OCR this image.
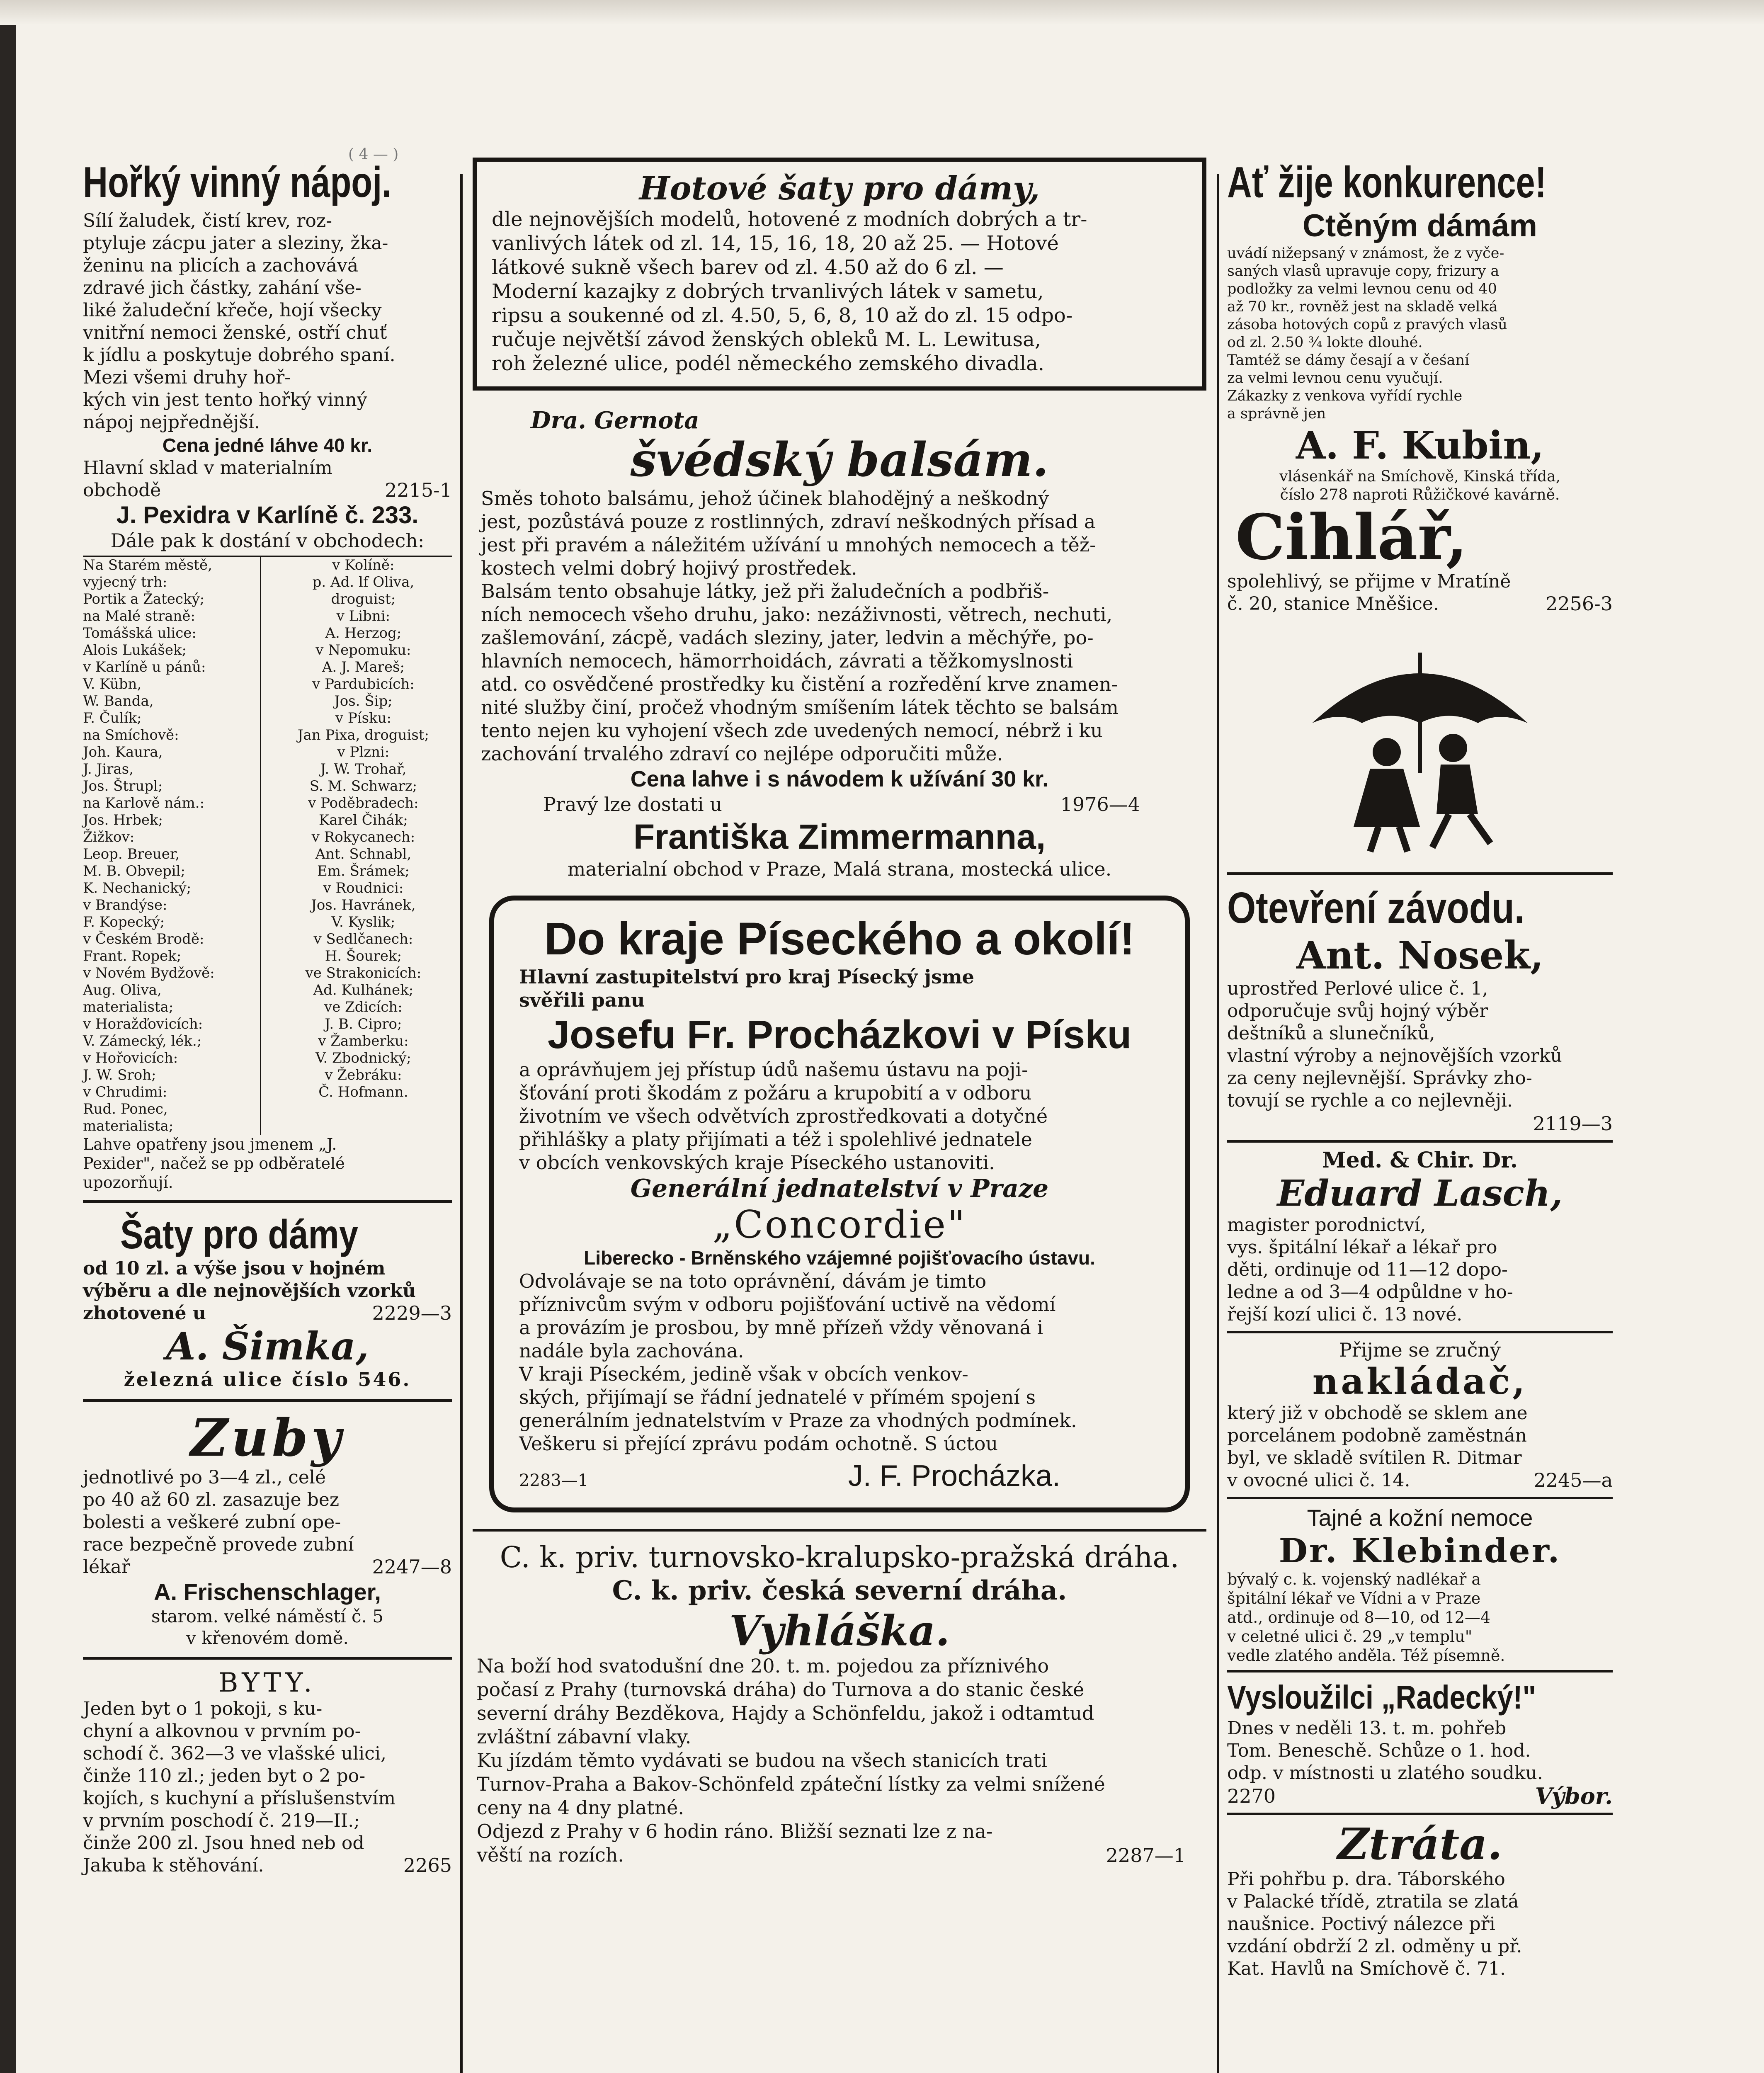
( 4 — )
Hořký vinný nápoj.
Sílí žaludek, čistí krev, roz-
ptyluje zácpu jater a sleziny, žka-
ženinu na plicích a zachovává
zdravé jich částky, zahání vše-
liké žaludeční křeče, hojí všecky
vnitřní nemoci ženské, ostří chuť
k jídlu a poskytuje dobrého spaní.
Mezi všemi druhy hoř-
kých vin jest tento hořký vinný
nápoj nejpřednější.
Cena jedné láhve 40 kr.
Hlavní sklad v materialním
obchodě	2215-1
J. Pexidra v Karlíně č. 233.
Dále pak k dostání v obchodech:
Na Starém městě,
vyjecný trh:
Portik a Žatecký;
na Malé straně:
Tomášská ulice:
Alois Lukášek;
v Karlíně u pánů:
V. Kübn,
W. Banda,
F. Čulík;
na Smíchově:
Joh. Kaura,
J. Jiras,
Jos. Štrupl;
na Karlově nám.:
Jos. Hrbek;
Žižkov:
Leop. Breuer,
M. B. Obvepil;
K. Nechanický;
v Brandýse:
F. Kopecký;
v Českém Brodě:
Frant. Ropek;
v Novém Bydžově:
Aug. Oliva,
materialista;
v Horažďovicích:
V. Zámecký, lék.;
v Hořovicích:
J. W. Sroh;
v Chrudimi:
Rud. Ponec,
materialista;
v Kolíně:
p. Ad. lf Oliva,
droguist;
v Libni:
A. Herzog;
v Nepomuku:
A. J. Mareš;
v Pardubicích:
Jos. Šip;
v Písku:
Jan Pixa, droguist;
v Plzni:
J. W. Trohař,
S. M. Schwarz;
v Poděbradech:
Karel Čihák;
v Rokycanech:
Ant. Schnabl,
Em. Šrámek;
v Roudnici:
Jos. Havránek,
V. Kyslik;
v Sedlčanech:
H. Šourek;
ve Strakonicích:
Ad. Kulhánek;
ve Zdicích:
J. B. Cipro;
v Žamberku:
V. Zbodnický;
v Žebráku:
Č. Hofmann.
Lahve opatřeny jsou jmenem „J.
Pexider", načež se pp odběratelé
upozorňují.
Šaty pro dámy
od 10 zl. a výše jsou v hojném
výběru a dle nejnovějších vzorků
zhotovené u	2229—3
A. Šimka,
železná ulice číslo 546.
Zuby
jednotlivé po 3—4 zl., celé
po 40 až 60 zl. zasazuje bez
bolesti a veškeré zubní ope-
race bezpečně provede zubní
lékař	2247—8
A. Frischenschlager,
starom. velké náměstí č. 5
v křenovém domě.
BYTY.
Jeden byt o 1 pokoji, s ku-
chyní a alkovnou v prvním po-
schodí č. 362—3 ve vlašské ulici,
činže 110 zl.; jeden byt o 2 po-
kojích, s kuchyní a příslušenstvím
v prvním poschodí č. 219—II.;
činže 200 zl. Jsou hned neb od
Jakuba k stěhování.	2265
Hotové šaty pro dámy,
dle nejnovějších modelů, hotovené z modních dobrých a tr-
vanlivých látek od zl. 14, 15, 16, 18, 20 až 25. — Hotové
látkové sukně všech barev od zl. 4.50 až do 6 zl. —
Moderní kazajky z dobrých trvanlivých látek v sametu,
ripsu a soukenné od zl. 4.50, 5, 6, 8, 10 až do zl. 15 odpo-
ručuje největší závod ženských obleků M. L. Lewitusa,
roh železné ulice, podél německého zemského divadla.
Dra. Gernota
švédský balsám.
Směs tohoto balsámu, jehož účinek blahodějný a neškodný
jest, pozůstává pouze z rostlinných, zdraví neškodných přísad a
jest při pravém a náležitém užívání u mnohých nemocech a těž-
kostech velmi dobrý hojivý prostředek.
Balsám tento obsahuje látky, jež při žaludečních a podbřiš-
ních nemocech všeho druhu, jako: nezáživnosti, větrech, nechuti,
zašlemování, zácpě, vadách sleziny, jater, ledvin a měchýře, po-
hlavních nemocech, hämorrhoidách, závrati a těžkomyslnosti
atd. co osvědčené prostředky ku čistění a rozředění krve znamen-
nité služby činí, pročež vhodným smíšením látek těchto se balsám
tento nejen ku vyhojení všech zde uvedených nemocí, nébrž i ku
zachování trvalého zdraví co nejlépe odporučiti může.
Cena lahve i s návodem k užívání 30 kr.
Pravý lze dostati u	1976—4
Františka Zimmermanna,
materialní obchod v Praze, Malá strana, mostecká ulice.
Do kraje Píseckého a okolí!
Hlavní zastupitelství pro kraj Písecký jsme
svěřili panu
Josefu Fr. Procházkovi v Písku
a oprávňujem jej přístup údů našemu ústavu na poji-
šťování proti škodám z požáru a krupobití a v odboru
životním ve všech odvětvích zprostředkovati a dotyčné
přihlášky a platy přijímati a též i spolehlivé jednatele
v obcích venkovských kraje Píseckého ustanoviti.
Generální jednatelství v Praze
„Concordie"
Liberecko - Brněnského vzájemné pojišťovacího ústavu.
Odvolávaje se na toto oprávnění, dávám je timto
příznivcům svým v odboru pojišťování uctivě na vědomí
a provázím je prosbou, by mně přízeň vždy věnovaná i
nadále byla zachována.
V kraji Píseckém, jedině však v obcích venkov-
ských, přijímají se řádní jednatelé v přímém spojení s
generálním jednatelstvím v Praze za vhodných podmínek.
Veškeru si přející zprávu podám ochotně. S úctou
2283—1	J. F. Procházka.
C. k. priv. turnovsko-kralupsko-pražská dráha.
C. k. priv. česká severní dráha.
Vyhláška.
Na boží hod svatodušní dne 20. t. m. pojedou za příznivého
počasí z Prahy (turnovská dráha) do Turnova a do stanic české
severní dráhy Bezděkova, Hajdy a Schönfeldu, jakož i odtamtud
zvláštní zábavní vlaky.
Ku jízdám těmto vydávati se budou na všech stanicích trati
Turnov-Praha a Bakov-Schönfeld zpáteční lístky za velmi snížené
ceny na 4 dny platné.
Odjezd z Prahy v 6 hodin ráno. Bližší seznati lze z na-
věští na rozích.	2287—1
Ať žije konkurence!
Ctěným dámám
uvádí nižepsaný v známost, že z vyče-
saných vlasů upravuje copy, frizury a
podložky za velmi levnou cenu od 40
až 70 kr., rovněž jest na skladě velká
zásoba hotových copů z pravých vlasů
od zl. 2.50 ¾ lokte dlouhé.
Tamtéž se dámy česají a v čeśaní
za velmi levnou cenu vyučují.
Zákazky z venkova vyřídí rychle
a správně jen
A. F. Kubin,
vlásenkář na Smíchově, Kinská třída,
číslo 278 naproti Růžičkové kavárně.
Cihlář,
spolehlivý, se přijme v Mratíně
č. 20, stanice Mněšice.	2256-3
Otevření závodu.
Ant. Nosek,
uprostřed Perlové ulice č. 1,
odporučuje svůj hojný výběr
deštníků a slunečníků,
vlastní výroby a nejnovějších vzorků
za ceny nejlevnější. Správky zho-
tovují se rychle a co nejlevněji.
2119—3
Med. & Chir. Dr.
Eduard Lasch,
magister porodnictví,
vys. špitální lékař a lékař pro
děti, ordinuje od 11—12 dopo-
ledne a od 3—4 odpůldne v ho-
řejší kozí ulici č. 13 nové.
Přijme se zručný
nakládač,
který již v obchodě se sklem ane
porcelánem podobně zaměstnán
byl, ve skladě svítilen R. Ditmar
v ovocné ulici č. 14.	2245—a
Tajné a kožní nemoce
Dr. Klebinder.
bývalý c. k. vojenský nadlékař a
špitální lékař ve Vídni a v Praze
atd., ordinuje od 8—10, od 12—4
v celetné ulici č. 29 „v templu"
vedle zlatého anděla. Též písemně.
Vysloužilci „Radecký!"
Dnes v neděli 13. t. m. pohřeb
Tom. Beneschě. Schůze o 1. hod.
odp. v místnosti u zlatého soudku.
2270	Výbor.
Ztráta.
Při pohřbu p. dra. Táborského
v Palacké třídě, ztratila se zlatá
naušnice. Poctivý nálezce při
vzdání obdrží 2 zl. odměny u př.
Kat. Havlů na Smíchově č. 71.
